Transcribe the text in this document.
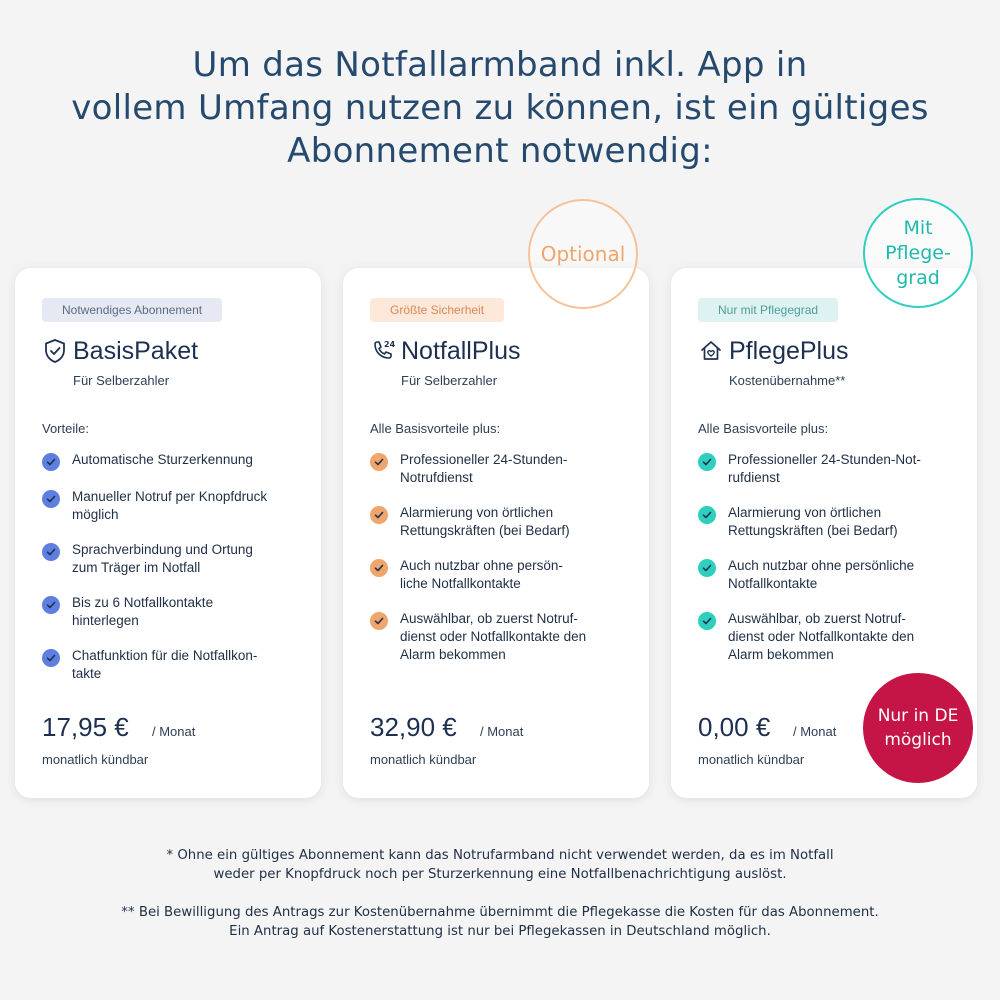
Um das Notfallarmband inkl. App in
vollem Umfang nutzen zu können, ist ein gültiges
Abonnement notwendig:
Notwendiges Abonnement
BasisPaket
Für Selberzahler
Vorteile:
Automatische Sturzerkennung
Manueller Notruf per Knopfdruck
möglich
Sprachverbindung und Ortung
zum Träger im Notfall
Bis zu 6 Notfallkontakte
hinterlegen
Chatfunktion für die Notfallkon-
takte
17,95 € / Monat
monatlich kündbar
Größte Sicherheit
24 NotfallPlus
Für Selberzahler
Alle Basisvorteile plus:
Professioneller 24-Stunden-
Notrufdienst
Alarmierung von örtlichen
Rettungskräften (bei Bedarf)
Auch nutzbar ohne persön-
liche Notfallkontakte
Auswählbar, ob zuerst Notruf-
dienst oder Notfallkontakte den
Alarm bekommen
32,90 € / Monat
monatlich kündbar
Nur mit Pflegegrad
PflegePlus
Kostenübernahme**
Alle Basisvorteile plus:
Professioneller 24-Stunden-Not-
rufdienst
Alarmierung von örtlichen
Rettungskräften (bei Bedarf)
Auch nutzbar ohne persönliche
Notfallkontakte
Auswählbar, ob zuerst Notruf-
dienst oder Notfallkontakte den
Alarm bekommen
0,00 € / Monat
monatlich kündbar
Optional
Mit
Pflege-
grad
Nur in DE
möglich
* Ohne ein gültiges Abonnement kann das Notrufarmband nicht verwendet werden, da es im Notfall
weder per Knopfdruck noch per Sturzerkennung eine Notfallbenachrichtigung auslöst.
** Bei Bewilligung des Antrags zur Kostenübernahme übernimmt die Pflegekasse die Kosten für das Abonnement.
Ein Antrag auf Kostenerstattung ist nur bei Pflegekassen in Deutschland möglich.
